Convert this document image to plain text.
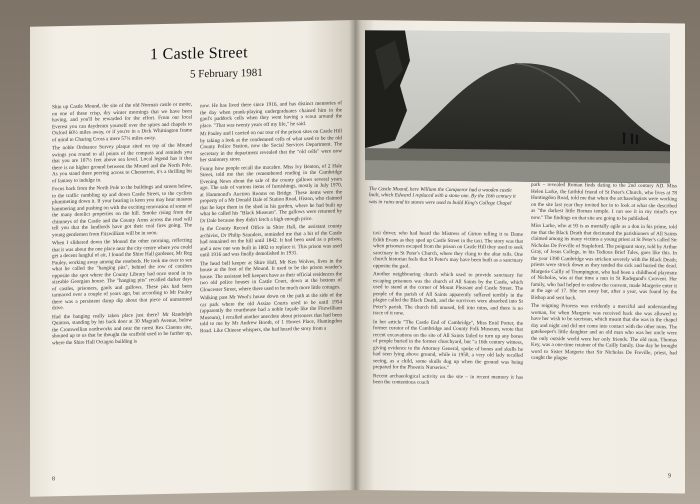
1 Castle Street
5 February 1981

Shin up Castle Mound, the site of the old Norman castle or motte, on one of these crisp, dry winter mornings that we have been having, and you'll be rewarded for the effort. From our local Everest you can daydream yourself over the spires and chapels to Oxford 60½ miles away, or if you're in a Dick Whittington frame of mind to Charing Cross a mere 57¼ miles away.

The noble Ordnance Survey plaque sited on top of the Mound swings you round to all points of the compass and reminds you that you are 107½ feet above sea level. Local legend has it that there is no higher ground between the Mound and the North Pole. As you stand there peering across to Chesterton, it's a thrilling bit of fantasy to indulge in.

Focus back from the North Pole to the buildings and streets below, to the traffic rumbling up and down Castle Street, to the cyclists plummeting down it. If your hearing is keen you may hear masons hammering and pushing on with the exciting renovation of some of the many derelict properties on the hill. Smoke rising from the chimneys of the Castle and the County Arms across the road will tell you that the landlords have got their coal fires going. The young gentlemen from Fitzwilliam will be in soon.

When I slithered down the Mound the other morning, reflecting that it was about the one place near the city centre where you could get a decent lungful of air, I found the Shire Hall gardener, Mr Reg Pauley, working away among the rosebeds. He took me over to see what he called the "hanging pits", behind the row of conifers opposite the spot where the County Library had once stood in its sizeable Georgian house. The "hanging pits" recalled darker days of castles, prisoners, gaols and gallows. These pits had been tarmaced over a couple of years ago, but according to Mr Pauley there was a persistent damp dip about that piece of unmarmed drive.

Had the hanging really taken place just there? Mr Randolph Quinton, standing by his back door at 30 Magrath Avenue, below the Cromwellian earthworks and near the rarest Rex Cinema site, shouted up to us that he thought the scaffold used to be further up, where the Shire Hall Octagon building is

now. He has lived there since 1916, and has distinct memories of the day when prank-playing undergraduates chained him in the gaol's paddock cells when they went having a scout around the place. "That was twenty years off my life," he said.

Mr Pauley and I carried on our tour of the prison sites on Castle Hill by taking a look at the condemned cells of what used to be the old County Police Station, now the Social Services Department. The secretary in the department revealed that the "old cells" were now her stationery store.

Funny how people recall the macabre. Miss Ivy Benton, of 2 Hale Street, told me that she remembered reading in the Cambridge Evening News about the sale of the county gallows several years ago. The sale of various items of furnishings, mostly in July 1970, at Hammond's Auction Rooms on Bridge. These items were the property of a Mr Donald Dale of Station Road, Histon, who claimed that he kept them in the shed in his garden, where he had built up what he called his "Black Museum". The gallows were returned by Dr Dale because they didn't fetch a high enough price.

In the County Record Office in Shire Hall, the assistant county archivist, Dr Philip Saunders, reminded me that a bit of the Castle had remained on the hill until 1842. It had been used as a prison, and a new one was built in 1802 to replace it. This prison was used until 1916 and was finally demolished in 1931.

The head bell keeper at Shire Hall, Mr Ken Wolves, lives in the house at the foot of the Mound. It used to be the prison warder's house. The assistant bell keepers have as their official residences the two old police houses in Castle Court, down at the bottom of Gloucester Street, where there used to be much more little cottages.

Walking past Mr Wool's house down on the path at the side of the car park where the old Assize Courts used to be until 1954 (apparently the courthouse had a noble façade like the Fitzwilliam Museum), I recalled another anecdote about prisoners that had been told to me by Mr Andrew Booth, of 1 Howes Place, Huntingdon Road. Like Chinese whispers, she had heard the story from a

8
The Castle Mound, here William the Conqueror had a wooden castle built, which Edward I replaced with a stone one. By the 16th century it was in ruins and its stones were used to build King's College Chapel

taxi driver, who had heard the Mistress of Girton telling it to Dame Edith Evans as they sped up Castle Street in the taxi. The story was that when prisoners escaped from the prison on Castle Hill they used to seek sanctuary in St Peter's Church, where they clung to the altar rails. One church historian feels that St Peter's may have been built as a sanctuary opposite the gaol.

Another neighbouring church which used to provide sanctuary for escaping prisoners was the church of All Saints by the Castle, which used to stand at the corner of Mount Pleasant and Castle Street. The people of the parish of All Saints apparently suffered terribly in the plague called the Black Death, and the survivors were absorbed into St Peter's parish. The church fell unused, fell into ruins, and there is no trace of it now.

In her article "The Castle End of Cambridge", Miss Enid Porter, the former curator of the Cambridge and County Folk Museum, wrote that recent excavations on the site of All Saints failed to turn up any bones of people buried in the former churchyard, but "a 16th century witness, giving evidence to the Attorney General, spoke of bones and skulls he had seen lying above ground, while in 1950, a very old lady recalled seeing, as a child, some skulls dug up when the ground was being prepared for the Phoenix Nurseries."

Recent archaeological activity on the site – in recent memory it has been the contentious coach

park – revealed Roman finds dating to the 2nd century AD. Miss Helen Larke, the faithful friend of St Peter's Church, who lives at 78 Huntingdon Road, told me that when the archaeologists were working on the site last year they invited her in to look at what she described as "the darkest little Roman temple. I can see it in my mind's eye now." The findings on that site are going to be published.

Miss Larke, who at 93 is as mentally agile as a don in his prime, told me that the Black Death that decimated the parishioners of All Saints claimed among its many victims a young priest at St Peter's called Sir Nicholas De Freville of Stapleford. The poignant story, told by Arthur Gray, of Jesus College, in his Tedious Brief Tales, goes like this. In the year 1390 Cambridge was stricken severely with the Black Death; priests were struck down as they tended the sick and buried the dead. Margerie Cailly of Trumpington, who had been a childhood playmate of Nicholas, was at that time a nun in St Radegund's Convent. Her family, who had helped to endow the convent, made Margerie enter it at the age of 17. She ran away but, after a year, was found by the Bishop and sent back.

The reigning Prioress was evidently a merciful and understanding woman, for when Margerie was received back she was allowed to have her wish to be sacristan, which meant that she was in the chapel day and night and did not come into contact with the other nuns. The gatekeeper's little daughter and an old man who was her uncle were the only outside world were her only friends. The old man, Thomas Key, was a one-time retainer of the Cailly family. One day he brought word to Sister Margerie that Sir Nicholas De Freville, priest, had caught the plague

9
